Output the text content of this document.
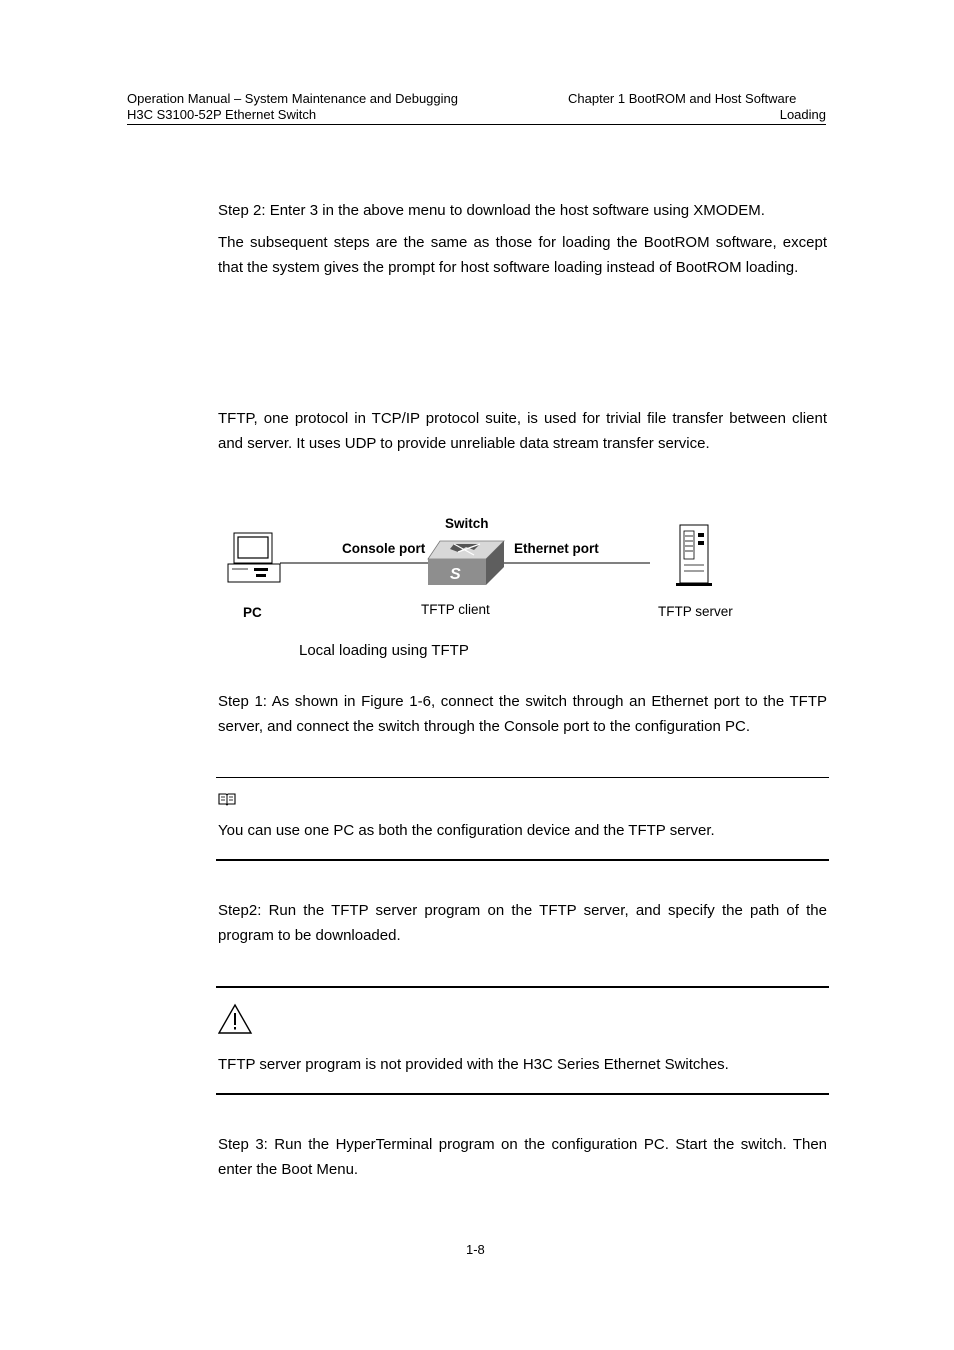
Operation Manual – System Maintenance and Debugging
H3C S3100-52P Ethernet Switch
Chapter 1 BootROM and Host Software
Loading
Step 2: Enter 3 in the above menu to download the host software using XMODEM.
The subsequent steps are the same as those for loading the BootROM software, except that the system gives the prompt for host software loading instead of BootROM loading.
TFTP, one protocol in TCP/IP protocol suite, is used for trivial file transfer between client and server. It uses UDP to provide unreliable data stream transfer service.
S
Switch
Console port	Ethernet port
PC	TFTP client	TFTP server
Local loading using TFTP
Step 1: As shown in Figure 1-6, connect the switch through an Ethernet port to the TFTP server, and connect the switch through the Console port to the configuration PC.
You can use one PC as both the configuration device and the TFTP server.
Step2: Run the TFTP server program on the TFTP server, and specify the path of the program to be downloaded.
TFTP server program is not provided with the H3C Series Ethernet Switches.
Step 3: Run the HyperTerminal program on the configuration PC. Start the switch. Then enter the Boot Menu.
1-8
